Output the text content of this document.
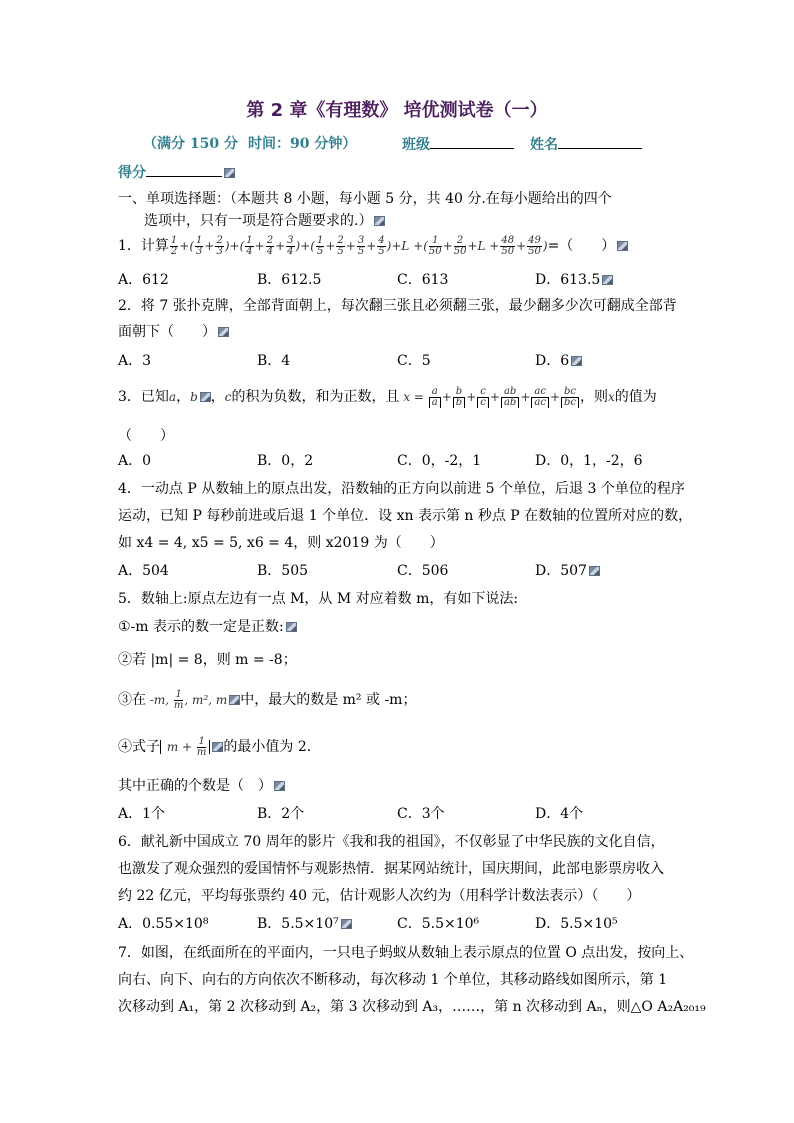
第 2 章《有理数》 培优测试卷（一）
（满分 150 分 时间：90 分钟）	班级	姓名
得分
一、单项选择题：（本题共 8 小题，每小题 5 分，共 40 分.在每小题给出的四个
选项中，只有一项是符合题要求的.）
1．计算 $\frac{1}{2}$ +( $\frac{1}{3} + \frac{2}{3}$ )+( $\frac{1}{4} + \frac{2}{4} + \frac{3}{4}$ )+( $\frac{1}{5} + \frac{2}{5} + \frac{3}{5} + \frac{4}{5} )+L$ +( $\frac{1}{50} + \frac{2}{50} +L + \frac{48}{50} + \frac{49}{50}$ )=（　　）
A．612	B．612.5	C．613	D．613.5
2．将 7 张扑克牌，全部背面朝上，每次翻三张且必须翻三张，最少翻多少次可翻成全部背
面朝下（　　）
A．3	B．4	C．5	D．6
3．已知a，b ，c的积为负数，和为正数，且 $x = \frac{a}{a} + \frac{b}{b} + \frac{c}{c} + \frac{ab}{ab} + \frac{ac}{ac} + \frac{bc}{bc}$ ，则x的值为
（　　）
A．0	B．0，2	C．0，-2，1	D．0，1，-2，6
4．一动点 P 从数轴上的原点出发，沿数轴的正方向以前进 5 个单位，后退 3 个单位的程序
运动，已知 P 每秒前进或后退 1 个单位．设 xn 表示第 n 秒点 P 在数轴的位置所对应的数，
如 x4 = 4, x5 = 5, x6 = 4，则 x2019 为（　　）
A．504	B．505	C．506	D．507
5．数轴上:原点左边有一点 M，从 M 对应着数 m，有如下说法:
①-m 表示的数一定是正数:
②若 |m| = 8，则 m = -8；
③在 -m, $\frac{1}{m}$ , m², m 中，最大的数是 m² 或 -m；
④式子 $m + \frac{1}{m}$ 的最小值为 2．
其中正确的个数是（　）
A．1个	B．2个	C．3个	D．4个
6．献礼新中国成立 70 周年的影片《我和我的祖国》，不仅彰显了中华民族的文化自信，
也激发了观众强烈的爱国情怀与观影热情．据某网站统计，国庆期间，此部电影票房收入
约 22 亿元，平均每张票约 40 元，估计观影人次约为（用科学计数法表示）（　　）
A．0.55×10⁸	B．5.5×10⁷	C．5.5×10⁶	D．5.5×10⁵
7．如图，在纸面所在的平面内，一只电子蚂蚁从数轴上表示原点的位置 O 点出发，按向上、
向右、向下、向右的方向依次不断移动，每次移动 1 个单位，其移动路线如图所示，第 1
次移动到 A₁，第 2 次移动到 A₂，第 3 次移动到 A₃，……，第 n 次移动到 Aₙ，则△O A₂A₂₀₁₉
